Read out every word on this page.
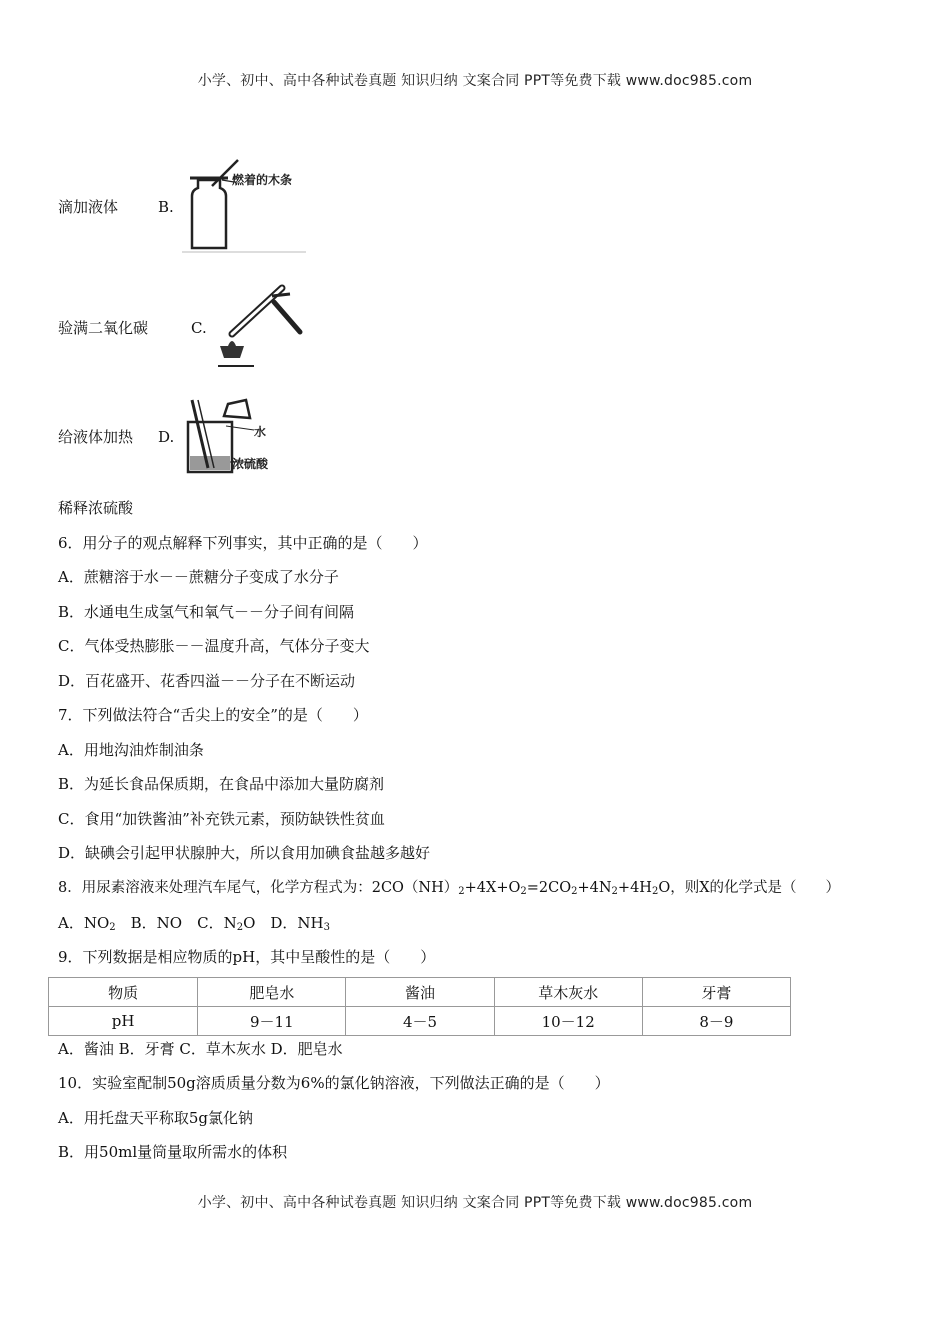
小学、初中、高中各种试卷真题 知识归纳 文案合同 PPT等免费下载 www.doc985.com
滴加液体	B.
燃着的木条
验满二氧化碳	C.
给液体加热 D.	水
浓硫酸
稀释浓硫酸
6．用分子的观点解释下列事实，其中正确的是（　　）
A．蔗糖溶于水－－蔗糖分子变成了水分子
B．水通电生成氢气和氧气－－分子间有间隔
C．气体受热膨胀－－温度升高，气体分子变大
D．百花盛开、花香四溢－－分子在不断运动
7．下列做法符合“舌尖上的安全”的是（　　）
A．用地沟油炸制油条
B．为延长食品保质期，在食品中添加大量防腐剂
C．食用“加铁酱油”补充铁元素，预防缺铁性贫血
D．缺碘会引起甲状腺肿大，所以食用加碘食盐越多越好
8．用尿素溶液来处理汽车尾气，化学方程式为：$2CO(NH)_2+4X+O_2=2CO_2+4N_2+4H_2O$，则X的化学式是（　　）
A．$NO_2$　B．NO　C．$N_2O$　D．$NH_3$
9．下列数据是相应物质的pH，其中呈酸性的是（　　）
物质	肥皂水	酱油	草木灰水	牙膏
pH	9－11	4－5	10－12	8－9
A．酱油 B．牙膏 C．草木灰水 D．肥皂水
10．实验室配制50g溶质质量分数为6%的氯化钠溶液，下列做法正确的是（　　）
A．用托盘天平称取5g氯化钠
B．用50ml量筒量取所需水的体积
小学、初中、高中各种试卷真题 知识归纳 文案合同 PPT等免费下载 www.doc985.com
